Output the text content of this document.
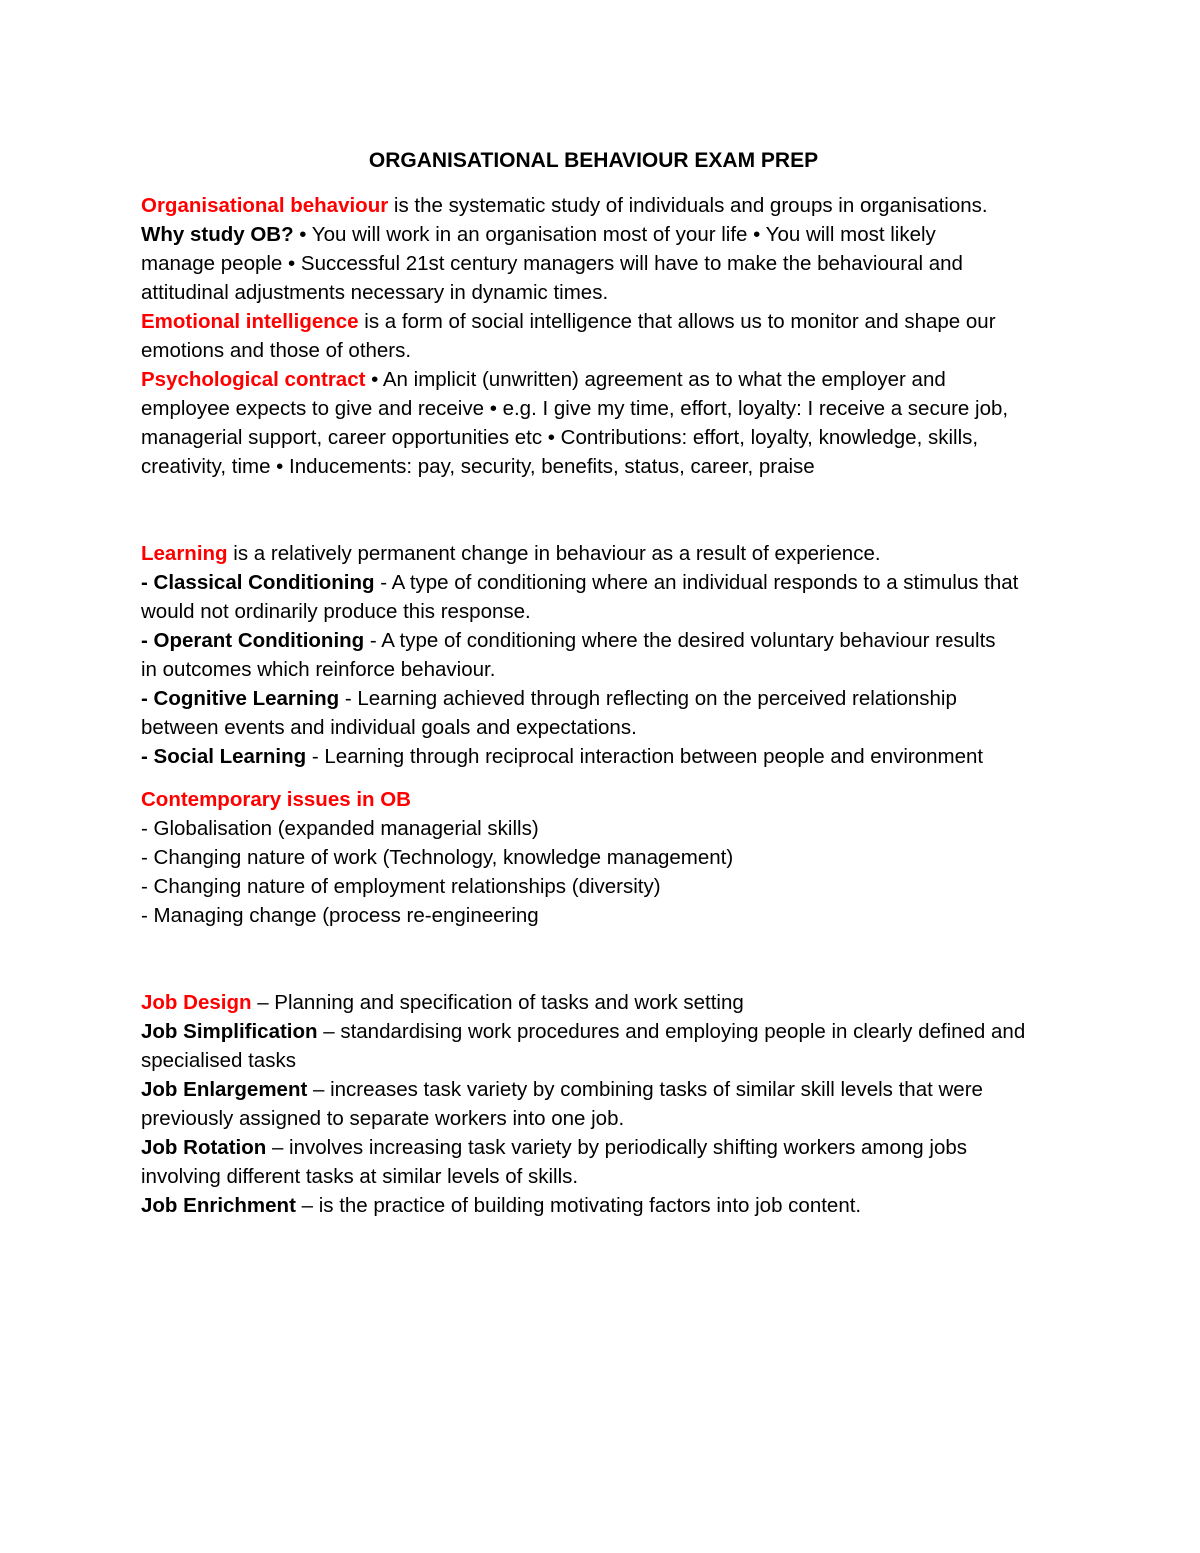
ORGANISATIONAL BEHAVIOUR EXAM PREP

Organisational behaviour is the systematic study of individuals and groups in organisations.

Why study OB? • You will work in an organisation most of your life • You will most likely

manage people • Successful 21st century managers will have to make the behavioural and

attitudinal adjustments necessary in dynamic times.

Emotional intelligence is a form of social intelligence that allows us to monitor and shape our

emotions and those of others.

Psychological contract • An implicit (unwritten) agreement as to what the employer and

employee expects to give and receive • e.g. I give my time, effort, loyalty: I receive a secure job,

managerial support, career opportunities etc • Contributions: effort, loyalty, knowledge, skills,

creativity, time • Inducements: pay, security, benefits, status, career, praise

Learning is a relatively permanent change in behaviour as a result of experience.

- Classical Conditioning - A type of conditioning where an individual responds to a stimulus that

would not ordinarily produce this response.

- Operant Conditioning - A type of conditioning where the desired voluntary behaviour results

in outcomes which reinforce behaviour.

- Cognitive Learning - Learning achieved through reflecting on the perceived relationship

between events and individual goals and expectations.

- Social Learning - Learning through reciprocal interaction between people and environment

Contemporary issues in OB

- Globalisation (expanded managerial skills)

- Changing nature of work (Technology, knowledge management)

- Changing nature of employment relationships (diversity)

- Managing change (process re-engineering

Job Design – Planning and specification of tasks and work setting

Job Simplification – standardising work procedures and employing people in clearly defined and

specialised tasks

Job Enlargement – increases task variety by combining tasks of similar skill levels that were

previously assigned to separate workers into one job.

Job Rotation – involves increasing task variety by periodically shifting workers among jobs

involving different tasks at similar levels of skills.

Job Enrichment – is the practice of building motivating factors into job content.
